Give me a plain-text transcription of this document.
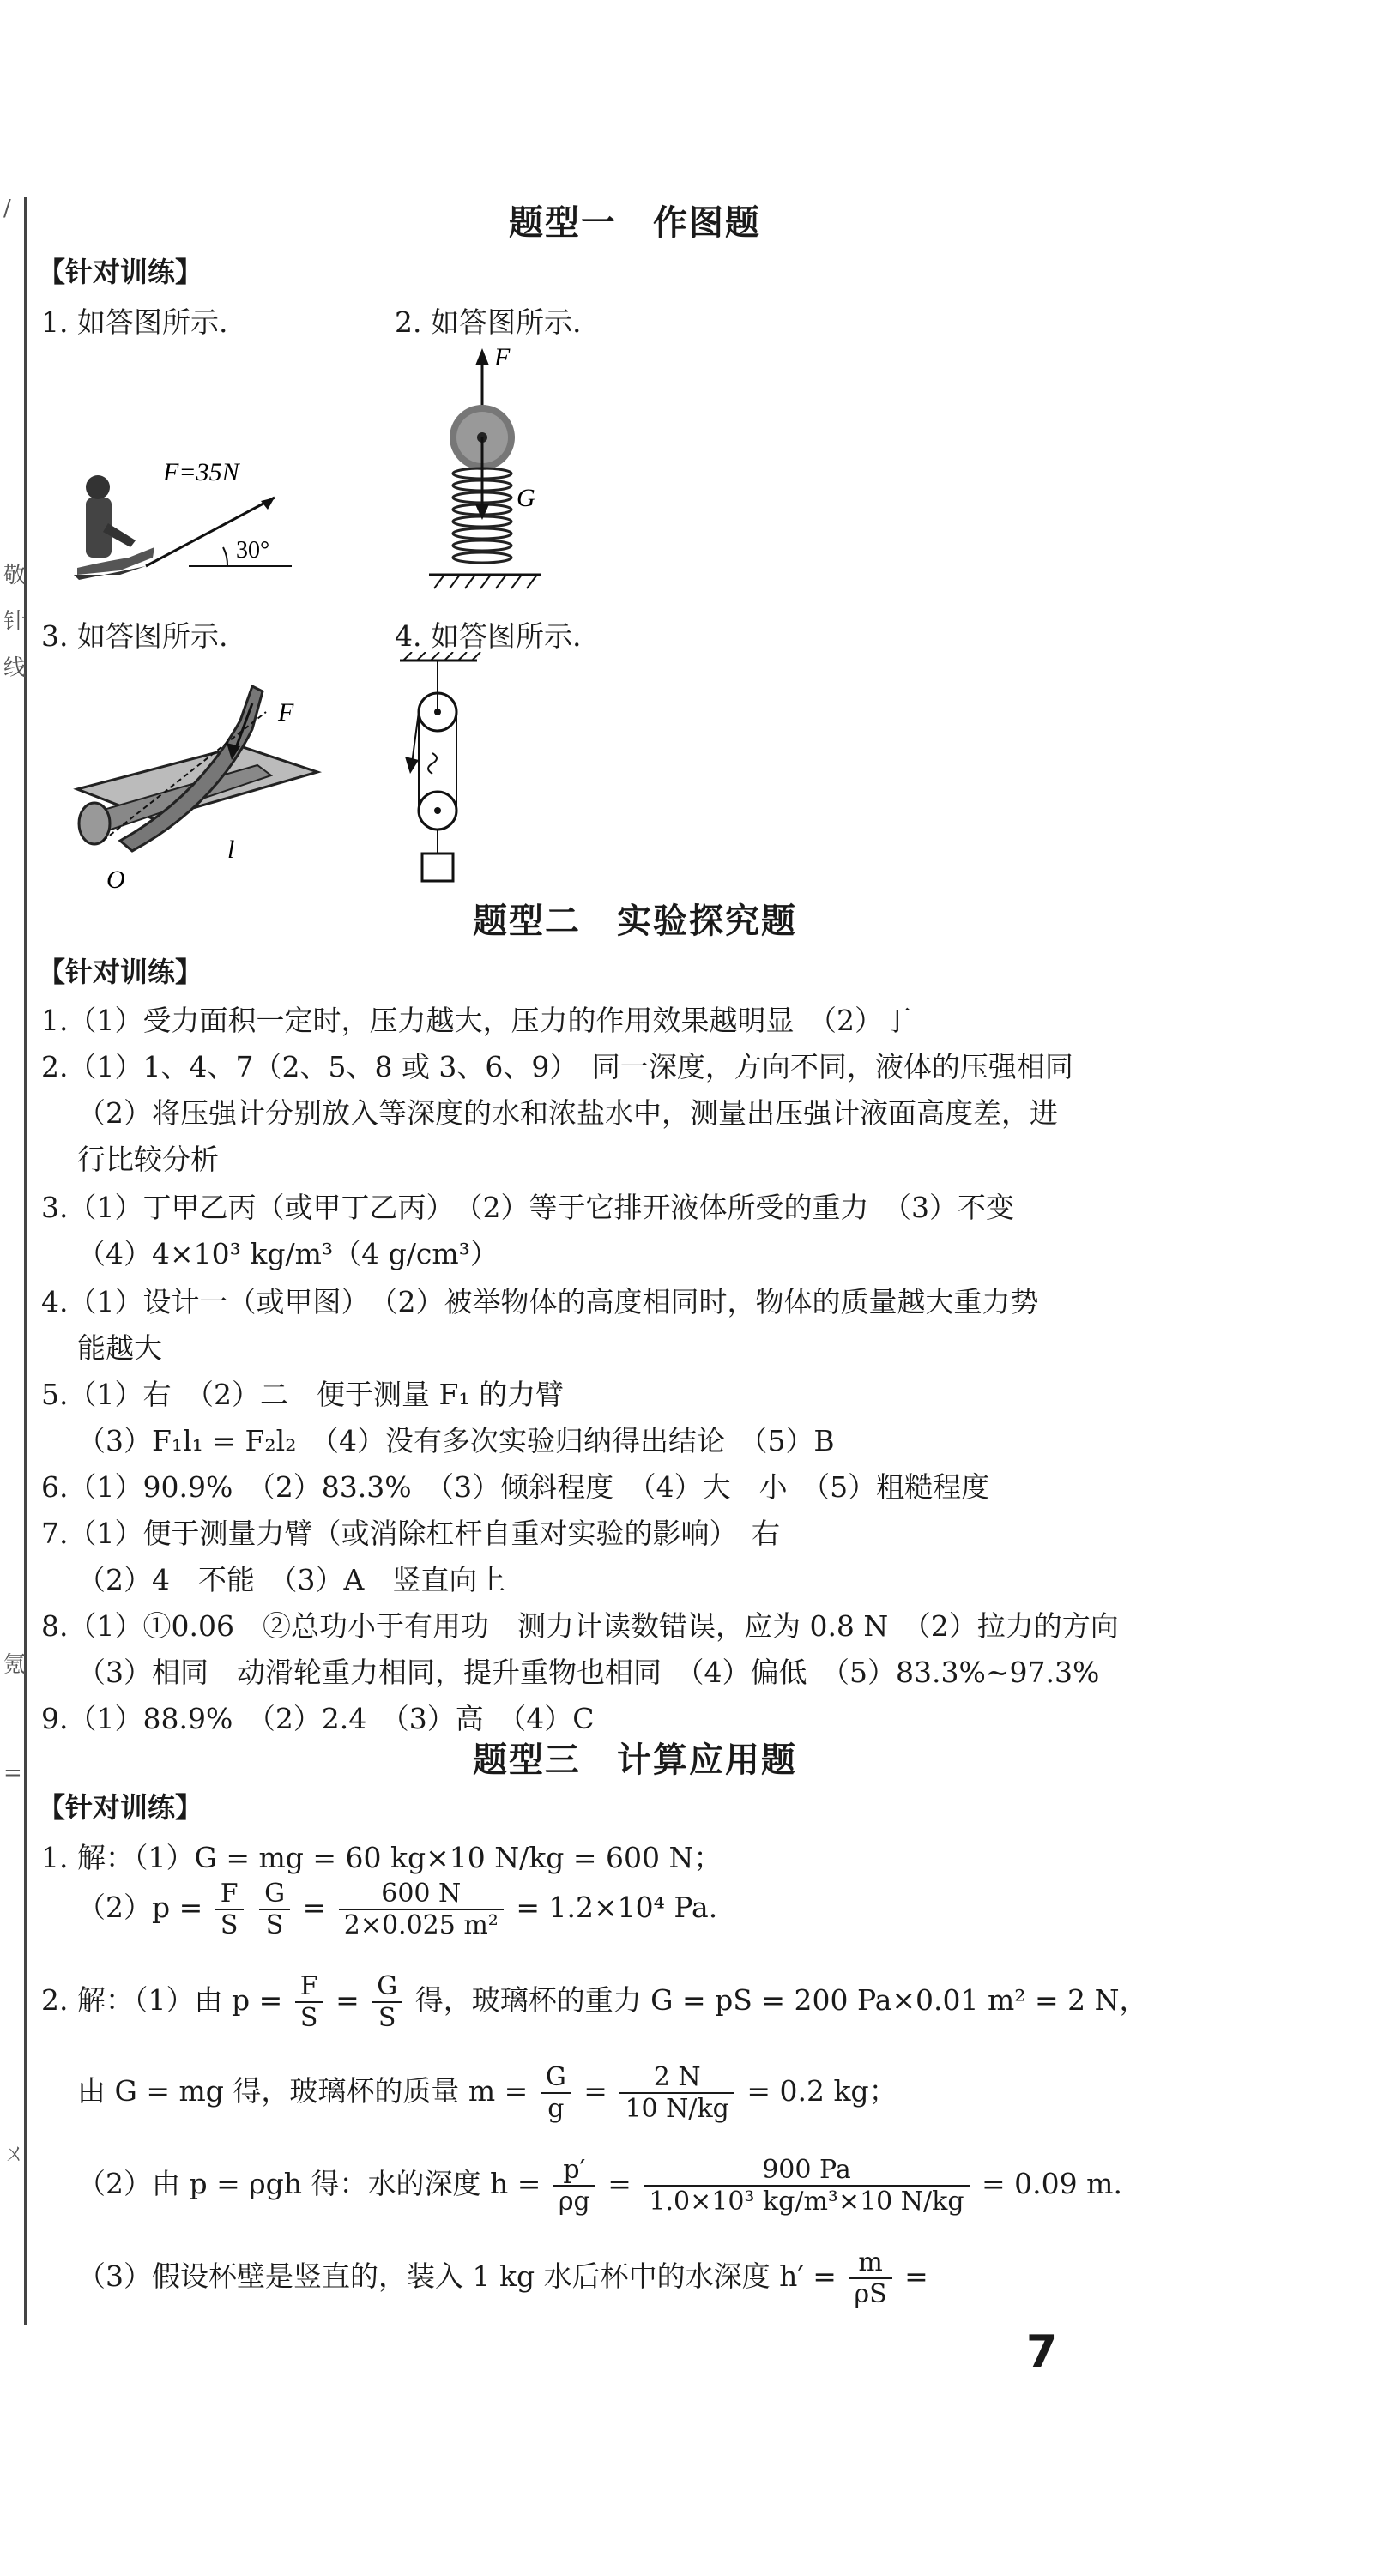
/
敬
针
线
氪
=
ㄨ
题型一　作图题
【针对训练】
1. 如答图所示.	2. 如答图所示.
F=35N
30°
F
G
3. 如答图所示.	4. 如答图所示.
F
l
O
题型二　实验探究题
【针对训练】
1.（1）受力面积一定时，压力越大，压力的作用效果越明显　（2）丁
2.（1）1、4、7（2、5、8 或 3、6、9）　同一深度，方向不同，液体的压强相同
（2）将压强计分别放入等深度的水和浓盐水中，测量出压强计液面高度差，进
行比较分析
3.（1）丁甲乙丙（或甲丁乙丙）　（2）等于它排开液体所受的重力　（3）不变
（4）4×10³ kg/m³（4 g/cm³）
4.（1）设计一（或甲图）　（2）被举物体的高度相同时，物体的质量越大重力势
能越大
5.（1）右　（2）二　便于测量 F₁ 的力臂
（3）F₁l₁ = F₂l₂　（4）没有多次实验归纳得出结论　（5）B
6.（1）90.9%　（2）83.3%　（3）倾斜程度　（4）大　小　（5）粗糙程度
7.（1）便于测量力臂（或消除杠杆自重对实验的影响）　右
（2）4　不能　（3）A　竖直向上
8.（1）①0.06　②总功小于有用功　测力计读数错误，应为 0.8 N　（2）拉力的方向
（3）相同　动滑轮重力相同，提升重物也相同　（4）偏低　（5）83.3%~97.3%
9.（1）88.9%　（2）2.4　（3）高　（4）C
题型三　计算应用题
【针对训练】
1. 解：（1）G = mg = 60 kg×10 N/kg = 600 N；
$(2)p = \frac{F}{S}$
$\frac{G}{S} = \frac{600 N}{\text{2×0.025 m²}} = 1.2\times 10^4$ Pa.
2. 解：（1）由 $p = \frac{F}{S} = \frac{G}{S}$ 得，玻璃杯的重力 G = pS = 200 Pa×0.01 m² = 2 N，
由 G = mg 得，玻璃杯的质量 $m = \frac{G}{g} = \frac{2 N}{10 N/kg} = 0.2$ kg；
（2）由 p = ρgh 得：水的深度 $h = \frac{p'}{\rho g} = \frac{900 Pa}{\text{1.0×10³ kg/m³×10 N/kg}} = 0.09$ m.
（3）假设杯壁是竖直的，装入 1 kg 水后杯中的水深度 $h' = \frac{m}{\rho S}$ =
7
